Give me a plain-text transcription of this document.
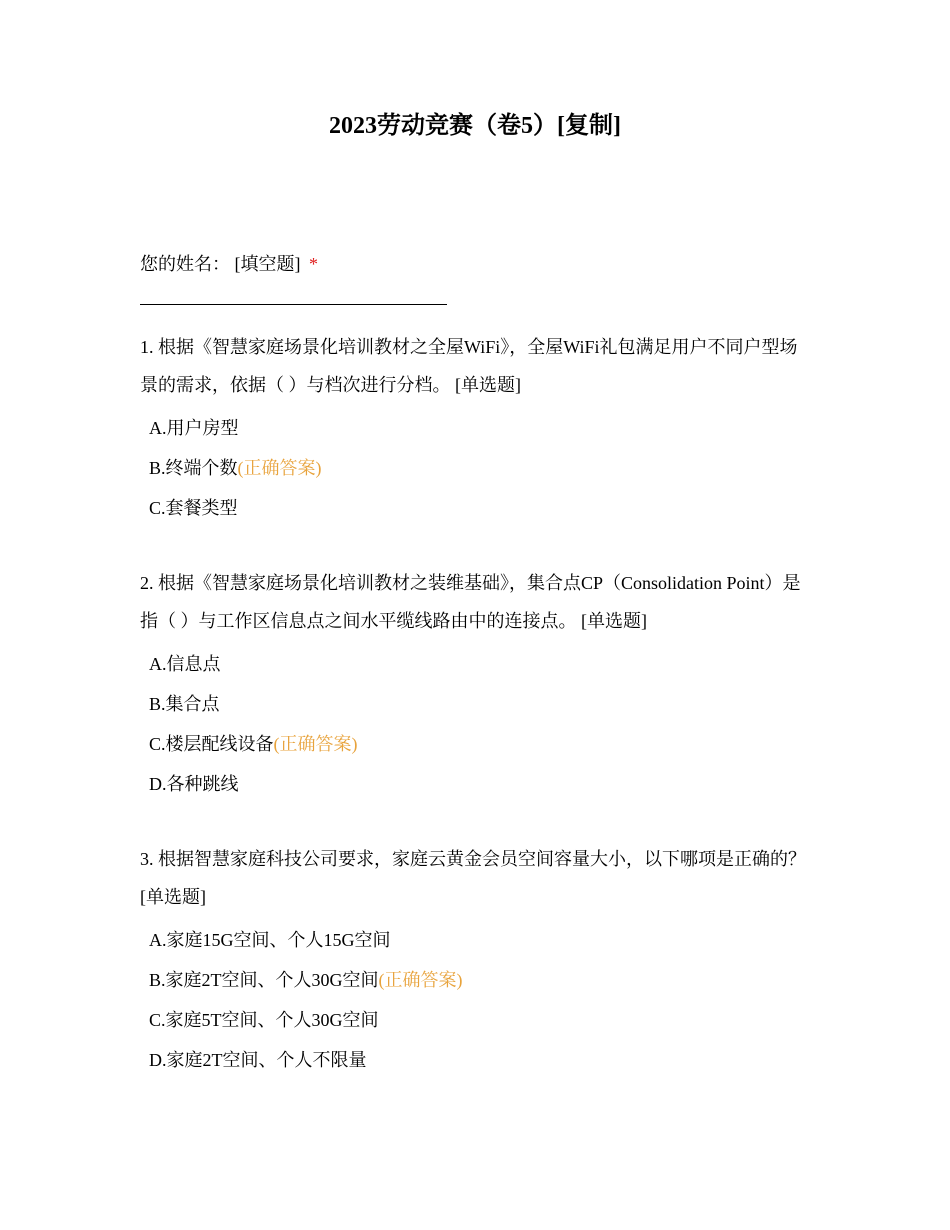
2023劳动竞赛（卷5）[复制]
您的姓名： [填空题] *
1. 根据《智慧家庭场景化培训教材之全屋WiFi》，全屋WiFi礼包满足用户不同户型场景的需求，依据（ ）与档次进行分档。 [单选题]
A.用户房型
B.终端个数(正确答案)
C.套餐类型
2. 根据《智慧家庭场景化培训教材之装维基础》，集合点CP（Consolidation Point）是指（ ）与工作区信息点之间水平缆线路由中的连接点。 [单选题]
A.信息点
B.集合点
C.楼层配线设备(正确答案)
D.各种跳线
3. 根据智慧家庭科技公司要求，家庭云黄金会员空间容量大小，以下哪项是正确的？ [单选题]
A.家庭15G空间、个人15G空间
B.家庭2T空间、个人30G空间(正确答案)
C.家庭5T空间、个人30G空间
D.家庭2T空间、个人不限量
